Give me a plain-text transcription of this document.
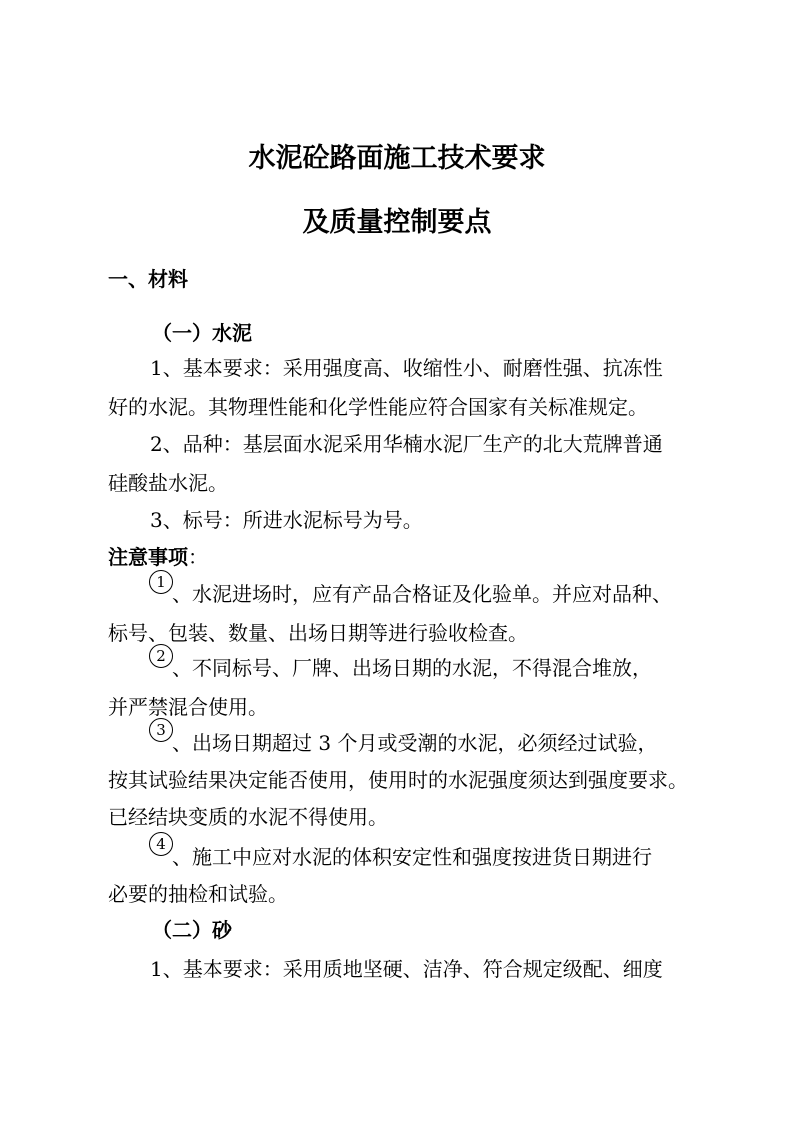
水泥砼路面施工技术要求
及质量控制要点
一、材料
（一）水泥
1、基本要求：采用强度高、收缩性小、耐磨性强、抗冻性
好的水泥。其物理性能和化学性能应符合国家有关标准规定。
2、品种：基层面水泥采用华楠水泥厂生产的北大荒牌普通
硅酸盐水泥。
3、标号：所进水泥标号为号。
注意事项：
1 、水泥进场时，应有产品合格证及化验单。并应对品种、
标号、包装、数量、出场日期等进行验收检查。
2 、不同标号、厂牌、出场日期的水泥，不得混合堆放，
并严禁混合使用。
3
、出场日期超过 3 个月或受潮的水泥，必须经过试验，
按其试验结果决定能否使用，使用时的水泥强度须达到强度要求。
已经结块变质的水泥不得使用。
4
、施工中应对水泥的体积安定性和强度按进货日期进行
必要的抽检和试验。
（二）砂
1、基本要求：采用质地坚硬、洁净、符合规定级配、细度
